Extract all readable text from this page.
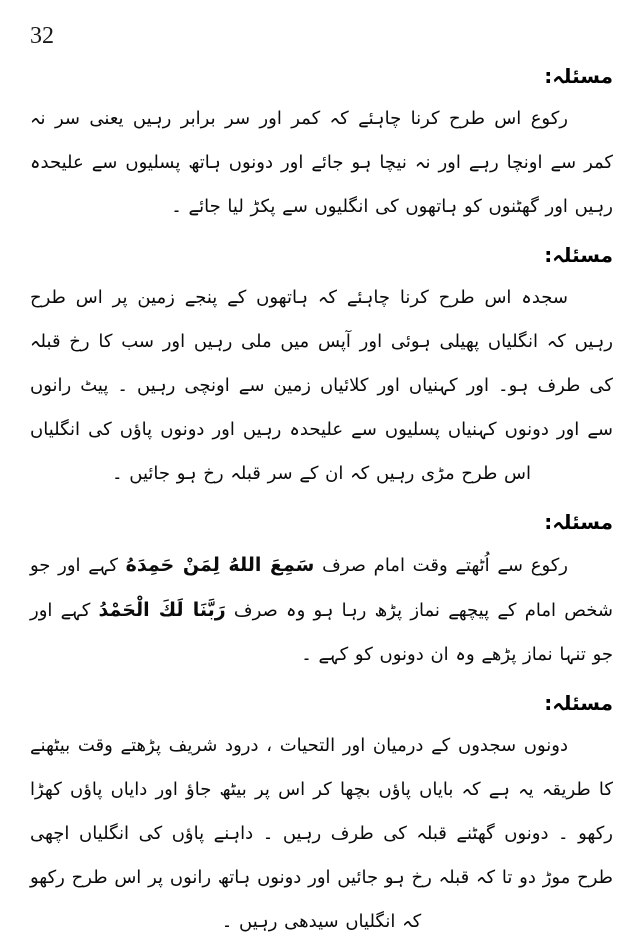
32
مسئلہ:

رکوع اس طرح کرنا چاہئے کہ کمر اور سر برابر رہیں یعنی سر نہ کمر سے اونچا رہے اور نہ نیچا ہو جائے اور دونوں ہاتھ پسلیوں سے علیحدہ رہیں اور گھٹنوں کو ہاتھوں کی انگلیوں سے پکڑ لیا جائے ۔

مسئلہ:

سجدہ اس طرح کرنا چاہئے کہ ہاتھوں کے پنجے زمین پر اس طرح رہیں کہ انگلیاں پھیلی ہوئی اور آپس میں ملی رہیں اور سب کا رخ قبلہ کی طرف ہو۔ اور کہنیاں اور کلائیاں زمین سے اونچی رہیں ۔ پیٹ رانوں سے اور دونوں کہنیاں پسلیوں سے علیحدہ رہیں اور دونوں پاؤں کی انگلیاں اس طرح مڑی رہیں کہ ان کے سر قبلہ رخ ہو جائیں ۔

مسئلہ:

رکوع سے اُٹھتے وقت امام صرف سَمِعَ اللهُ لِمَنْ حَمِدَهُ کہے اور جو شخص امام کے پیچھے نماز پڑھ رہا ہو وہ صرف رَبَّنَا لَكَ الْحَمْدُ کہے اور جو تنہا نماز پڑھے وہ ان دونوں کو کہے ۔

مسئلہ:

دونوں سجدوں کے درمیان اور التحیات ، درود شریف پڑھتے وقت بیٹھنے کا طریقہ یہ ہے کہ بایاں پاؤں بچھا کر اس پر بیٹھ جاؤ اور دایاں پاؤں کھڑا رکھو ۔ دونوں گھٹنے قبلہ کی طرف رہیں ۔ داہنے پاؤں کی انگلیاں اچھی طرح موڑ دو تا کہ قبلہ رخ ہو جائیں اور دونوں ہاتھ رانوں پر اس طرح رکھو کہ انگلیاں سیدھی رہیں ۔
